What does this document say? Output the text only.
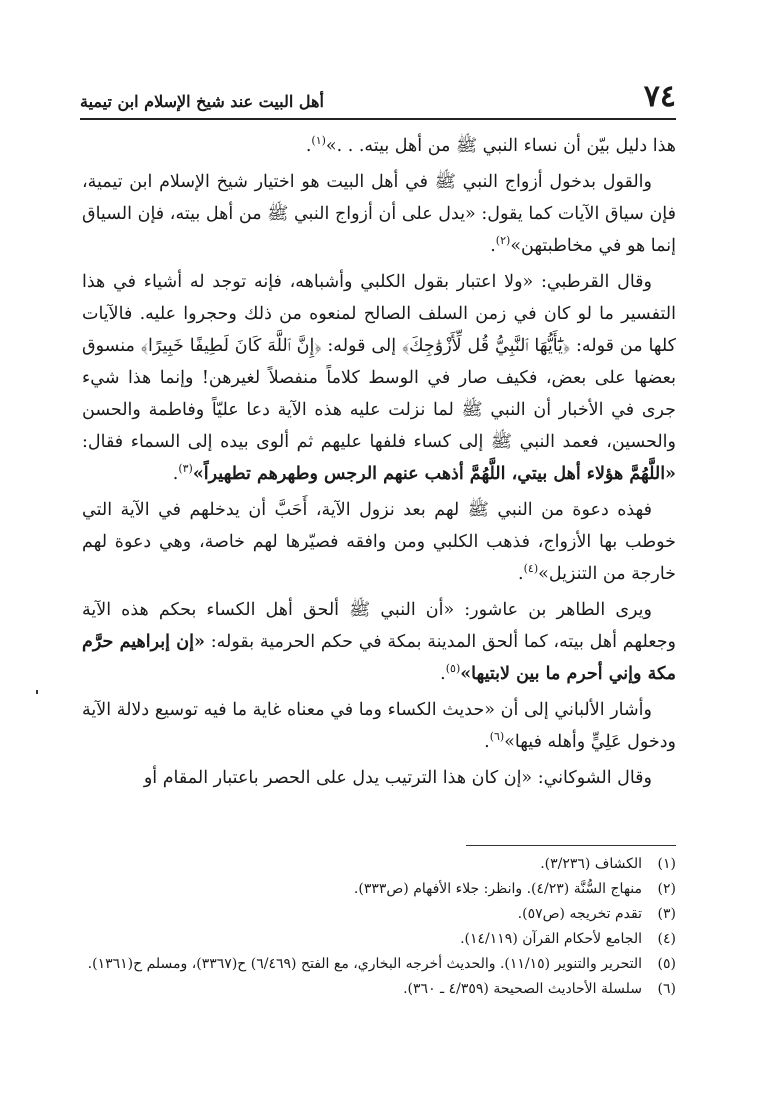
٧٤
أهل البيت عند شيخ الإسلام ابن تيمية

هذا دليل بيّن أن نساء النبي ﷺ من أهل بيته. . .»$^{(١)}$.

والقول بدخول أزواج النبي ﷺ في أهل البيت هو اختيار شيخ الإسلام ابن تيمية، فإن سياق الآيات كما يقول: «يدل على أن أزواج النبي ﷺ من أهل بيته، فإن السياق إنما هو في مخاطبتهن»$^{(٢)}$.

وقال القرطبي: «ولا اعتبار بقول الكلبي وأشباهه، فإنه توجد له أشياء في هذا التفسير ما لو كان في زمن السلف الصالح لمنعوه من ذلك وحجروا عليه. فالآيات كلها من قوله: ﴿يَٰٓأَيُّهَا ٱلنَّبِيُّ قُل لِّأَزْوَٰجِكَ﴾ إلى قوله: ﴿إِنَّ ٱللَّهَ كَانَ لَطِيفًا خَبِيرًا﴾ منسوق بعضها على بعض، فكيف صار في الوسط كلاماً منفصلاً لغيرهن! وإنما هذا شيء جرى في الأخبار أن النبي ﷺ لما نزلت عليه هذه الآية دعا عليّاً وفاطمة والحسن والحسين، فعمد النبي ﷺ إلى كساء فلفها عليهم ثم ألوى بيده إلى السماء فقال: «اللَّهُمَّ هؤلاء أهل بيتي، اللَّهُمَّ أذهب عنهم الرجس وطهرهم تطهيراً»$^{(٣)}$.

فهذه دعوة من النبي ﷺ لهم بعد نزول الآية، أَحَبَّ أن يدخلهم في الآية التي خوطب بها الأزواج، فذهب الكلبي ومن وافقه فصيّرها لهم خاصة، وهي دعوة لهم خارجة من التنزيل»$^{(٤)}$.

ويرى الطاهر بن عاشور: «أن النبي ﷺ ألحق أهل الكساء بحكم هذه الآية وجعلهم أهل بيته، كما ألحق المدينة بمكة في حكم الحرمية بقوله: «إن إبراهيم حرَّم مكة وإني أحرم ما بين لابتيها»$^{(٥)}$.

وأشار الألباني إلى أن «حديث الكساء وما في معناه غاية ما فيه توسيع دلالة الآية ودخول عَلِيٍّ وأهله فيها»$^{(٦)}$.

وقال الشوكاني: «إن كان هذا الترتيب يدل على الحصر باعتبار المقام أو

(١)
الكشاف (٣/٢٣٦).
(٢)
منهاج السُّنَّة (٤/٢٣). وانظر: جلاء الأفهام (ص٣٣٣).
(٣)
تقدم تخريجه (ص٥٧).
(٤)
الجامع لأحكام القرآن (١٤/١١٩).
(٥)
التحرير والتنوير (١١/١٥). والحديث أخرجه البخاري، مع الفتح (٦/٤٦٩) ح(٣٣٦٧)، ومسلم ح(١٣٦١).
(٦)
سلسلة الأحاديث الصحيحة (٤/٣٥٩ ـ ٣٦٠).
